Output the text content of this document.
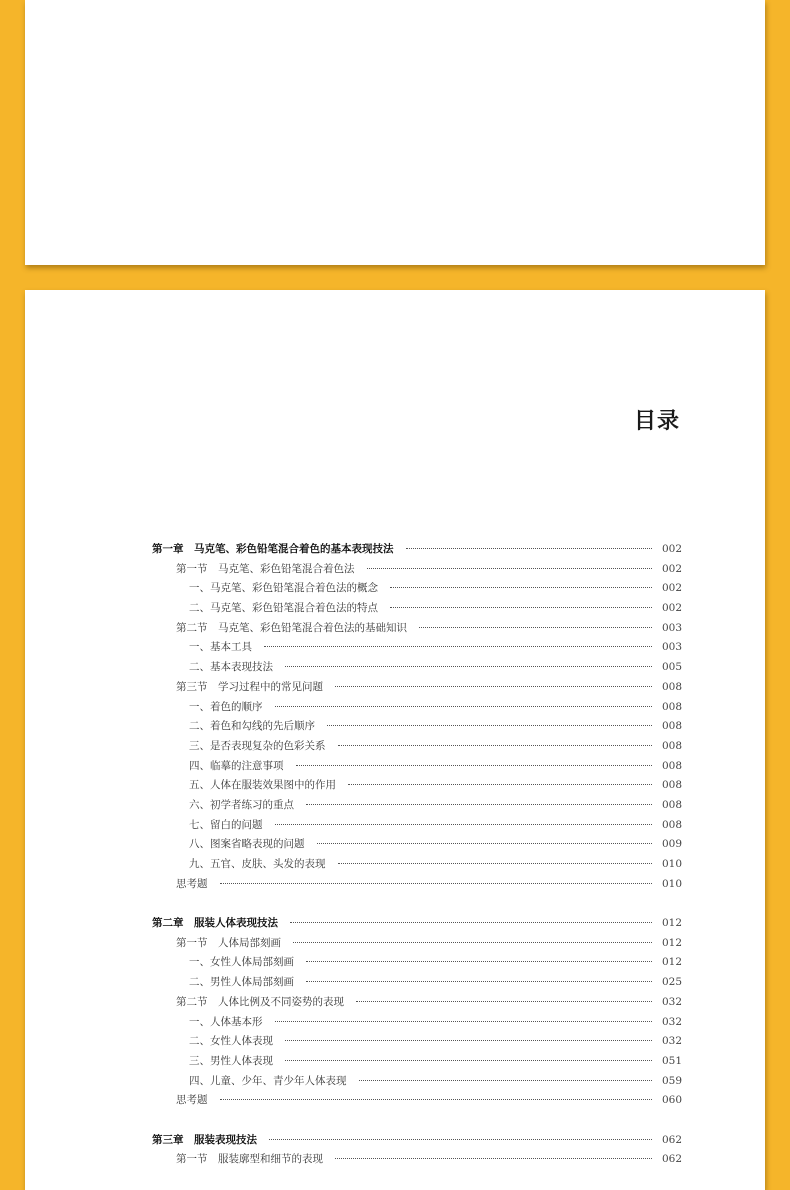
目录
第一章　马克笔、彩色铅笔混合着色的基本表现技法	002
第一节　马克笔、彩色铅笔混合着色法	002
一、马克笔、彩色铅笔混合着色法的概念	002
二、马克笔、彩色铅笔混合着色法的特点	002
第二节　马克笔、彩色铅笔混合着色法的基础知识	003
一、基本工具	003
二、基本表现技法	005
第三节　学习过程中的常见问题	008
一、着色的顺序	008
二、着色和勾线的先后顺序	008
三、是否表现复杂的色彩关系	008
四、临摹的注意事项	008
五、人体在服装效果图中的作用	008
六、初学者练习的重点	008
七、留白的问题	008
八、图案省略表现的问题	009
九、五官、皮肤、头发的表现	010
思考题	010
第二章　服装人体表现技法	012
第一节　人体局部刻画	012
一、女性人体局部刻画	012
二、男性人体局部刻画	025
第二节　人体比例及不同姿势的表现	032
一、人体基本形	032
二、女性人体表现	032
三、男性人体表现	051
四、儿童、少年、青少年人体表现	059
思考题	060
第三章　服装表现技法	062
第一节　服装廓型和细节的表现	062
